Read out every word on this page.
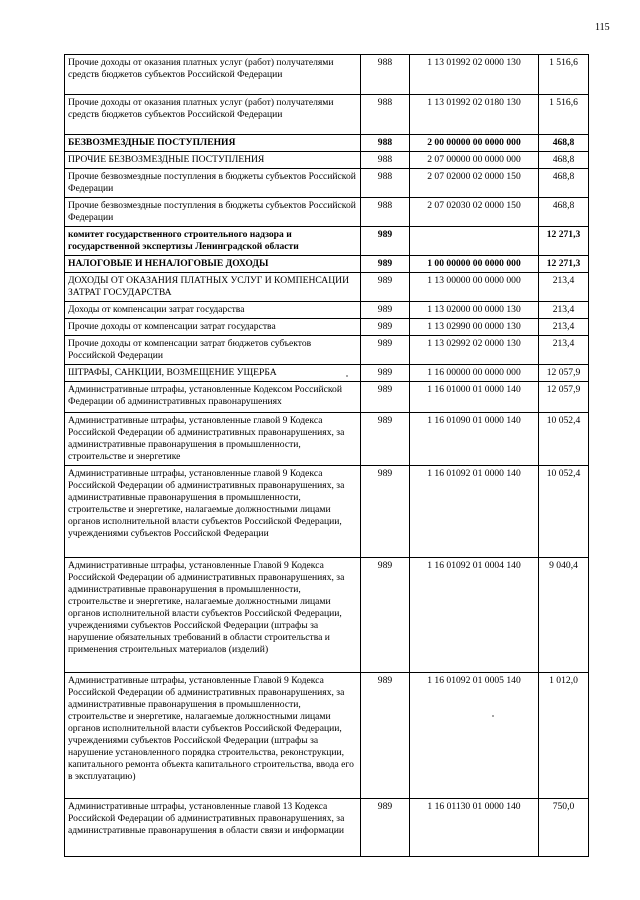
115
Прочие доходы от оказания платных услуг (работ) получателями средств бюджетов субъектов Российской Федерации	988	1 13 01992 02 0000 130	1 516,6
Прочие доходы от оказания платных услуг (работ) получателями средств бюджетов субъектов Российской Федерации	988	1 13 01992 02 0180 130	1 516,6
БЕЗВОЗМЕЗДНЫЕ ПОСТУПЛЕНИЯ	988	2 00 00000 00 0000 000	468,8
ПРОЧИЕ БЕЗВОЗМЕЗДНЫЕ ПОСТУПЛЕНИЯ	988	2 07 00000 00 0000 000	468,8
Прочие безвозмездные поступления в бюджеты субъектов Российской Федерации	988	2 07 02000 02 0000 150	468,8
Прочие безвозмездные поступления в бюджеты субъектов Российской Федерации	988	2 07 02030 02 0000 150	468,8
комитет государственного строительного надзора и государственной экспертизы Ленинградской области	989		12 271,3
НАЛОГОВЫЕ И НЕНАЛОГОВЫЕ ДОХОДЫ	989	1 00 00000 00 0000 000	12 271,3
ДОХОДЫ ОТ ОКАЗАНИЯ ПЛАТНЫХ УСЛУГ И КОМПЕНСАЦИИ ЗАТРАТ ГОСУДАРСТВА	989	1 13 00000 00 0000 000	213,4
Доходы от компенсации затрат государства	989	1 13 02000 00 0000 130	213,4
Прочие доходы от компенсации затрат государства	989	1 13 02990 00 0000 130	213,4
Прочие доходы от компенсации затрат бюджетов субъектов Российской Федерации	989	1 13 02992 02 0000 130	213,4
ШТРАФЫ, САНКЦИИ, ВОЗМЕЩЕНИЕ УЩЕРБА	989	1 16 00000 00 0000 000	12 057,9
Административные штрафы, установленные Кодексом Российской Федерации об административных правонарушениях	989	1 16 01000 01 0000 140	12 057,9
Административные штрафы, установленные главой 9 Кодекса Российской Федерации об административных правонарушениях, за административные правонарушения в промышленности, строительстве и энергетике	989	1 16 01090 01 0000 140	10 052,4
Административные штрафы, установленные главой 9 Кодекса Российской Федерации об административных правонарушениях, за административные правонарушения в промышленности, строительстве и энергетике, налагаемые должностными лицами органов исполнительной власти субъектов Российской Федерации, учреждениями субъектов Российской Федерации	989	1 16 01092 01 0000 140	10 052,4
Административные штрафы, установленные Главой 9 Кодекса Российской Федерации об административных правонарушениях, за административные правонарушения в промышленности, строительстве и энергетике, налагаемые должностными лицами органов исполнительной власти субъектов Российской Федерации, учреждениями субъектов Российской Федерации (штрафы за нарушение обязательных требований в области строительства и применения строительных материалов (изделий)	989	1 16 01092 01 0004 140	9 040,4
Административные штрафы, установленные Главой 9 Кодекса Российской Федерации об административных правонарушениях, за административные правонарушения в промышленности, строительстве и энергетике, налагаемые должностными лицами органов исполнительной власти субъектов Российской Федерации, учреждениями субъектов Российской Федерации (штрафы за нарушение установленного порядка строительства, реконструкции, капитального ремонта объекта капитального строительства, ввода его в эксплуатацию)	989	1 16 01092 01 0005 140	1 012,0
Административные штрафы, установленные главой 13 Кодекса Российской Федерации об административных правонарушениях, за административные правонарушения в области связи и информации	989	1 16 01130 01 0000 140	750,0
